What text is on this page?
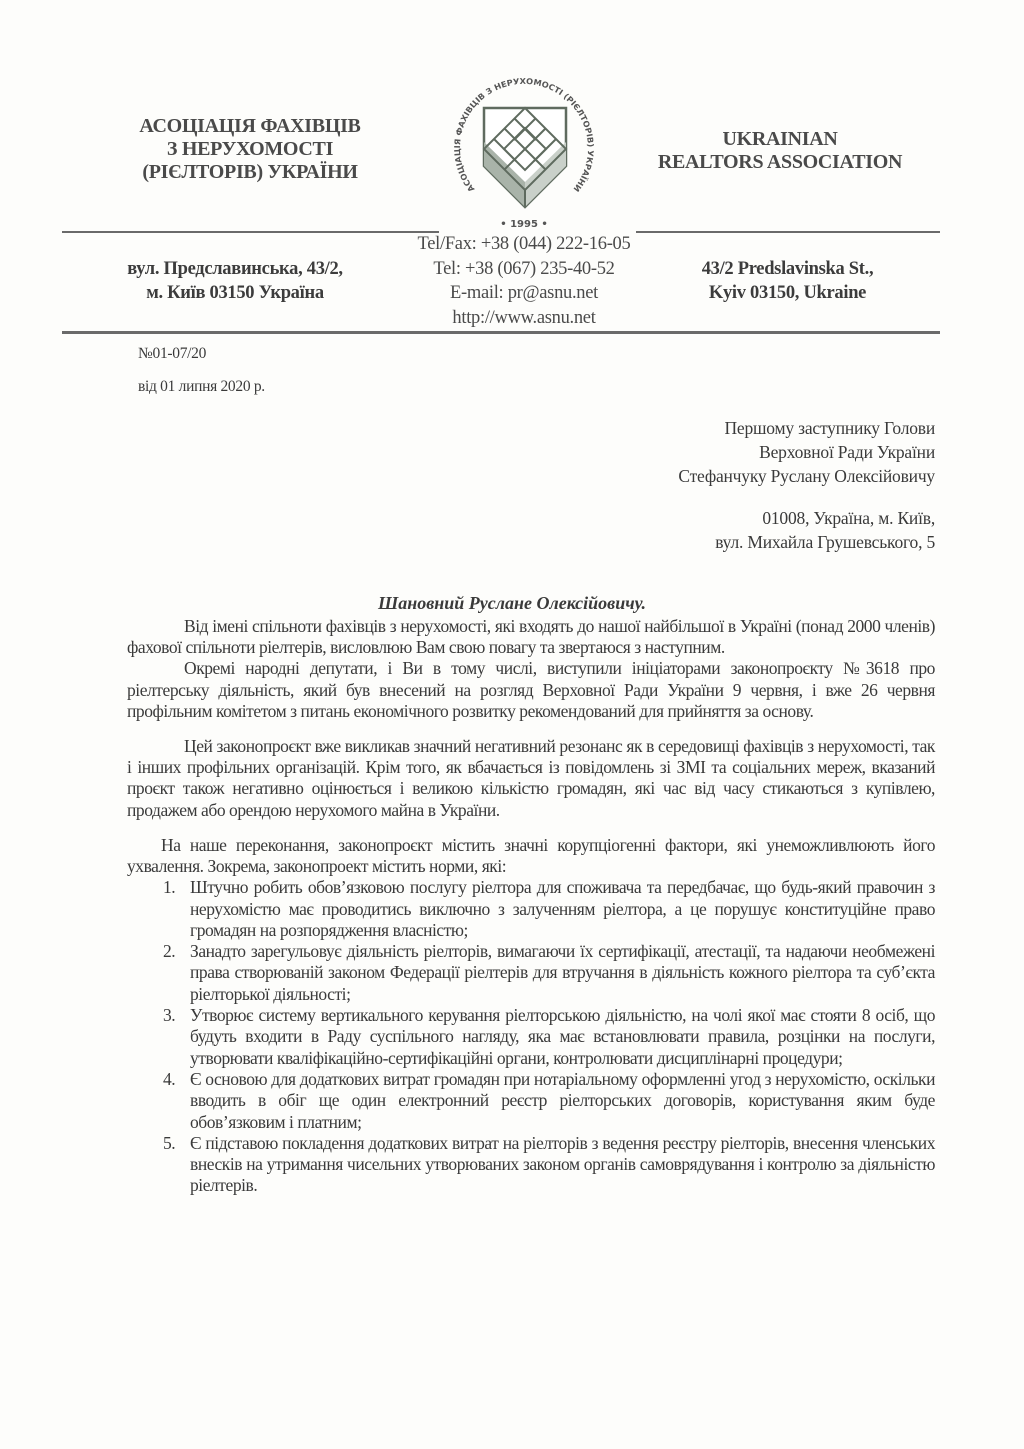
АСОЦІАЦІЯ ФАХІВЦІВ
З НЕРУХОМОСТІ
(РІЄЛТОРІВ) УКРАЇНИ
АСОЦІАЦІЯ ФАХІВЦІВ З НЕРУХОМОСТІ (РІЄЛТОРІВ) УКРАЇНИ
• 1995 •
UKRAINIAN
REALTORS ASSOCIATION
вул. Предславинська, 43/2,
м. Київ 03150 Україна
Tel/Fax: +38 (044) 222-16-05
Tel: +38 (067) 235-40-52
E-mail: pr@asnu.net
http://www.asnu.net
43/2 Predslavinska St.,
Kyiv 03150, Ukraine
№01-07/20
від 01 липня 2020 р.
Першому заступнику Голови
Верховної Ради України
Стефанчуку Руслану Олексійовичу
01008, Україна, м. Київ,
вул. Михайла Грушевського, 5
Шановний Руслане Олексійовичу.

Від імені спільноти фахівців з нерухомості, які входять до нашої найбільшої в Україні (понад 2000 членів) фахової спільноти ріелтерів, висловлюю Вам свою повагу та звертаюся з наступним.

Окремі народні депутати, і Ви в тому числі, виступили ініціаторами законопроєкту №3618 про ріелтерську діяльність, який був внесений на розгляд Верховної Ради України 9 червня, і вже 26 червня профільним комітетом з питань економічного розвитку рекомендований для прийняття за основу.

Цей законопроєкт вже викликав значний негативний резонанс як в середовищі фахівців з нерухомості, так і інших профільних організацій. Крім того, як вбачається із повідомлень зі ЗМІ та соціальних мереж, вказаний проєкт також негативно оцінюється і великою кількістю громадян, які час від часу стикаються з купівлею, продажем або орендою нерухомого майна в України.

На наше переконання, законопроєкт містить значні корупціогенні фактори, які унеможливлюють його ухвалення. Зокрема, законопроект містить норми, які:

1. Штучно робить обов’язковою послугу ріелтора для споживача та передбачає, що будь-який правочин з нерухомістю має проводитись виключно з залученням ріелтора, а це порушує конституційне право громадян на розпорядження власністю;
2. Занадто зарегульовує діяльність ріелторів, вимагаючи їх сертифікації, атестації, та надаючи необмежені права створюваній законом Федерації ріелтерів для втручання в діяльність кожного ріелтора та суб’єкта ріелторької діяльності;
3. Утворює систему вертикального керування ріелторською діяльністю, на чолі якої має стояти 8 осіб, що будуть входити в Раду суспільного нагляду, яка має встановлювати правила, розцінки на послуги, утворювати кваліфікаційно-сертифікаційні органи, контролювати дисциплінарні процедури;
4. Є основою для додаткових витрат громадян при нотаріальному оформленні угод з нерухомістю, оскільки вводить в обіг ще один електронний реєстр ріелторських договорів, користування яким буде обов’язковим і платним;
5. Є підставою покладення додаткових витрат на ріелторів з ведення реєстру ріелторів, внесення членських внесків на утримання чисельних утворюваних законом органів самоврядування і контролю за діяльністю ріелтерів.
